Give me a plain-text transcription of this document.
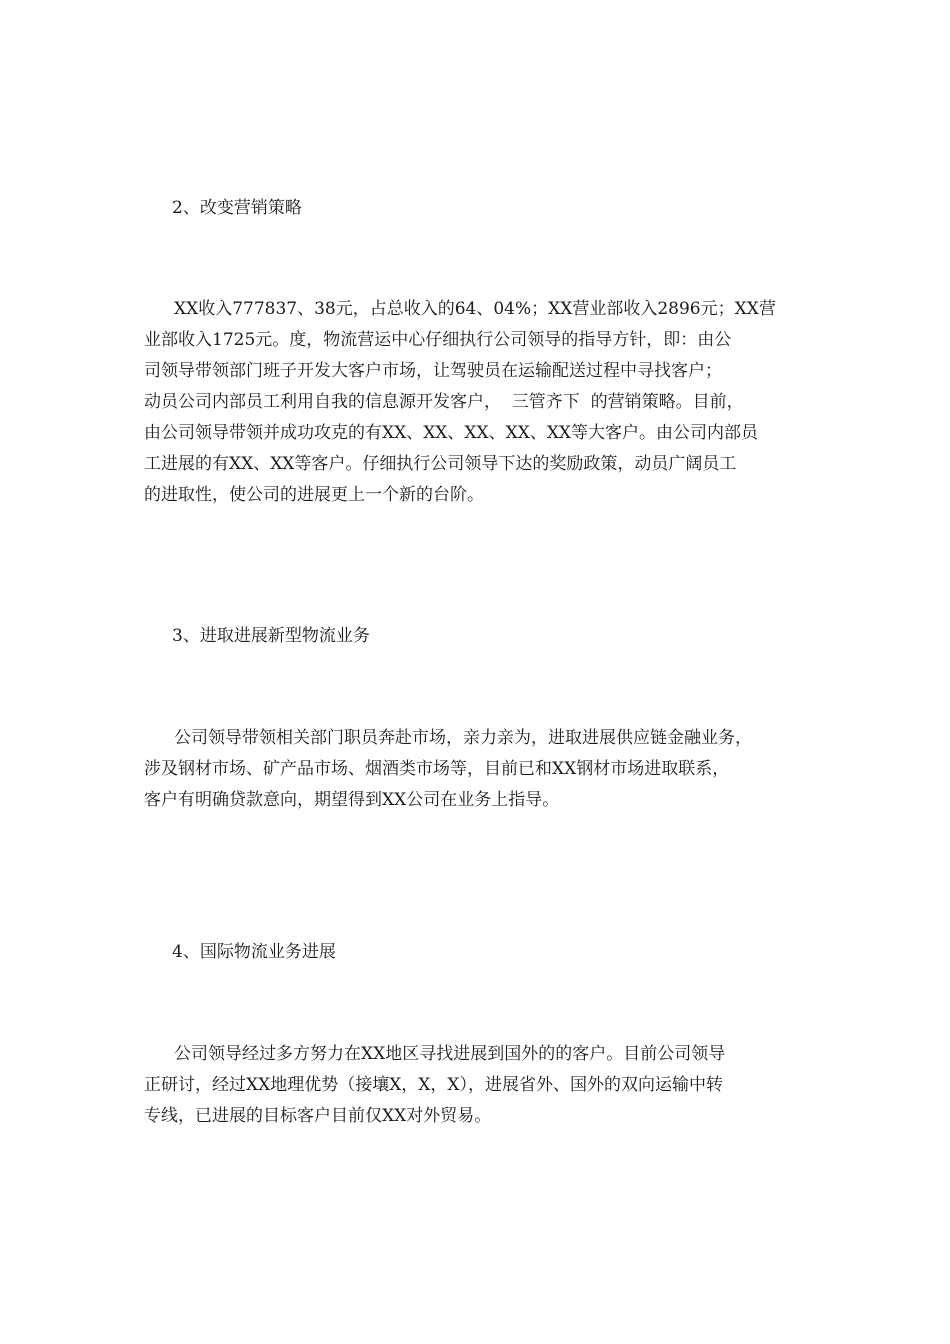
2、改变营销策略
XX收入777837、38元，占总收入的64、04%；XX营业部收入2896元；XX营
业部收入1725元。度，物流营运中心仔细执行公司领导的指导方针，即：由公
司领导带领部门班子开发大客户市场，让驾驶员在运输配送过程中寻找客户；
动员公司内部员工利用自我的信息源开发客户，  三管齐下  的营销策略。目前，
由公司领导带领并成功攻克的有XX、XX、XX、XX、XX等大客户。由公司内部员
工进展的有XX、XX等客户。仔细执行公司领导下达的奖励政策，动员广阔员工
的进取性，使公司的进展更上一个新的台阶。
3、进取进展新型物流业务
公司领导带领相关部门职员奔赴市场，亲力亲为，进取进展供应链金融业务，
涉及钢材市场、矿产品市场、烟酒类市场等，目前已和XX钢材市场进取联系，
客户有明确贷款意向，期望得到XX公司在业务上指导。
4、国际物流业务进展
公司领导经过多方努力在XX地区寻找进展到国外的的客户。目前公司领导
正研讨，经过XX地理优势（接壤X，X，X），进展省外、国外的双向运输中转
专线，已进展的目标客户目前仅XX对外贸易。
